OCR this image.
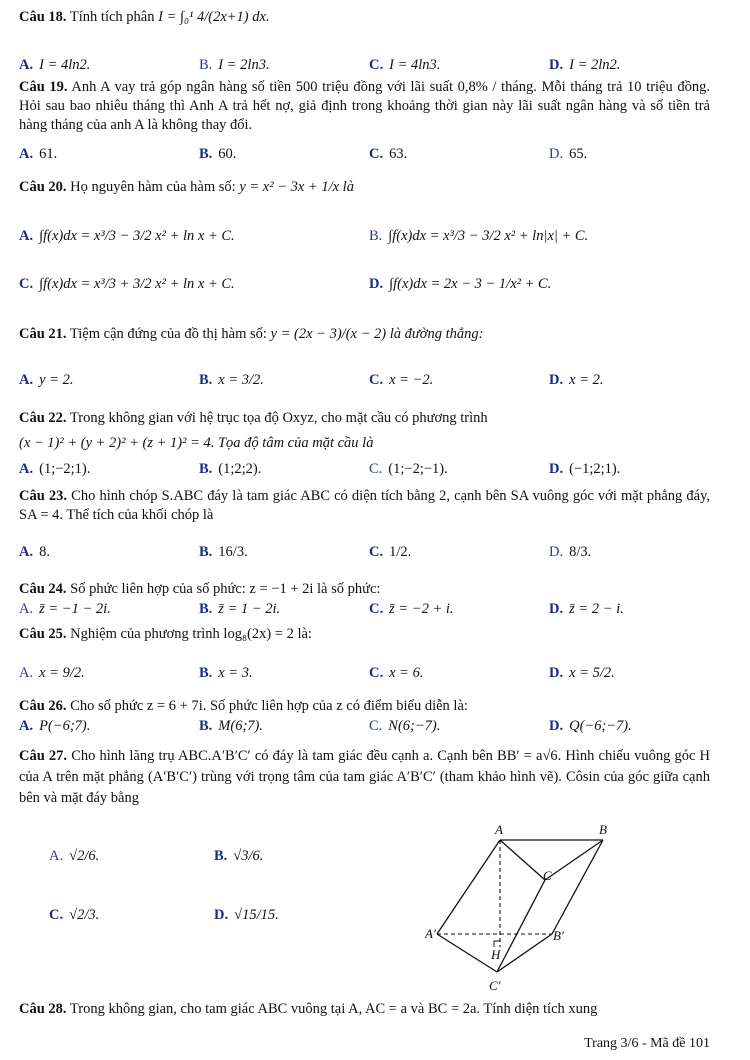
Câu 18. Tính tích phân I = ∫₀¹ 4/(2x+1) dx.

A. I = 4ln2.	B. I = 2ln3.	C. I = 4ln3.	D. I = 2ln2.

Câu 19. Anh A vay trả góp ngân hàng số tiền 500 triệu đồng với lãi suất 0,8% / tháng. Mỗi tháng trả 10 triệu đồng. Hỏi sau bao nhiêu tháng thì Anh A trả hết nợ, giả định trong khoảng thời gian này lãi suất ngân hàng và số tiền trả hàng tháng của anh A là không thay đổi.

A. 61.	B. 60.	C. 63.	D. 65.

Câu 20. Họ nguyên hàm của hàm số: y = x² − 3x + 1/x là

A. ∫f(x)dx = x³/3 − 3/2 x² + ln x + C.	B. ∫f(x)dx = x³/3 − 3/2 x² + ln|x| + C.
C. ∫f(x)dx = x³/3 + 3/2 x² + ln x + C.	D. ∫f(x)dx = 2x − 3 − 1/x² + C.

Câu 21. Tiệm cận đứng của đồ thị hàm số: y = (2x − 3)/(x − 2) là đường thẳng:

A. y = 2.	B. x = 3/2.	C. x = −2.	D. x = 2.

Câu 22. Trong không gian với hệ trục tọa độ Oxyz, cho mặt cầu có phương trình

(x − 1)² + (y + 2)² + (z + 1)² = 4. Tọa độ tâm của mặt cầu là

A. (1;−2;1).	B. (1;2;2).	C. (1;−2;−1).	D. (−1;2;1).

Câu 23. Cho hình chóp S.ABC đáy là tam giác ABC có diện tích bằng 2, cạnh bên SA vuông góc với mặt phẳng đáy, SA = 4. Thể tích của khối chóp là

A. 8.	B. 16/3.	C. 1/2.	D. 8/3.

Câu 24. Số phức liên hợp của số phức: z = −1 + 2i là số phức:

A. z̄ = −1 − 2i.	B. z̄ = 1 − 2i.	C. z̄ = −2 + i.	D. z̄ = 2 − i.

Câu 25. Nghiệm của phương trình log₈(2x) = 2 là:

A. x = 9/2.	B. x = 3.	C. x = 6.	D. x = 5/2.

Câu 26. Cho số phức z = 6 + 7i. Số phức liên hợp của z có điểm biểu diễn là:

A. P(−6;7).	B. M(6;7).	C. N(6;−7).	D. Q(−6;−7).

Câu 27. Cho hình lăng trụ ABC.A′B′C′ có đáy là tam giác đều cạnh a. Cạnh bên BB′ = a√6. Hình chiếu vuông góc H của A trên mặt phẳng (A′B′C′) trùng với trọng tâm của tam giác A′B′C′ (tham khảo hình vẽ). Côsin của góc giữa cạnh bên và mặt đáy bằng

A. √2/6.	B. √3/6.
C. √2/3.	D. √15/15.
A	B
C
A′	B′
C′
H

Câu 28. Trong không gian, cho tam giác ABC vuông tại A, AC = a và BC = 2a. Tính diện tích xung

Trang 3/6 - Mã đề 101
